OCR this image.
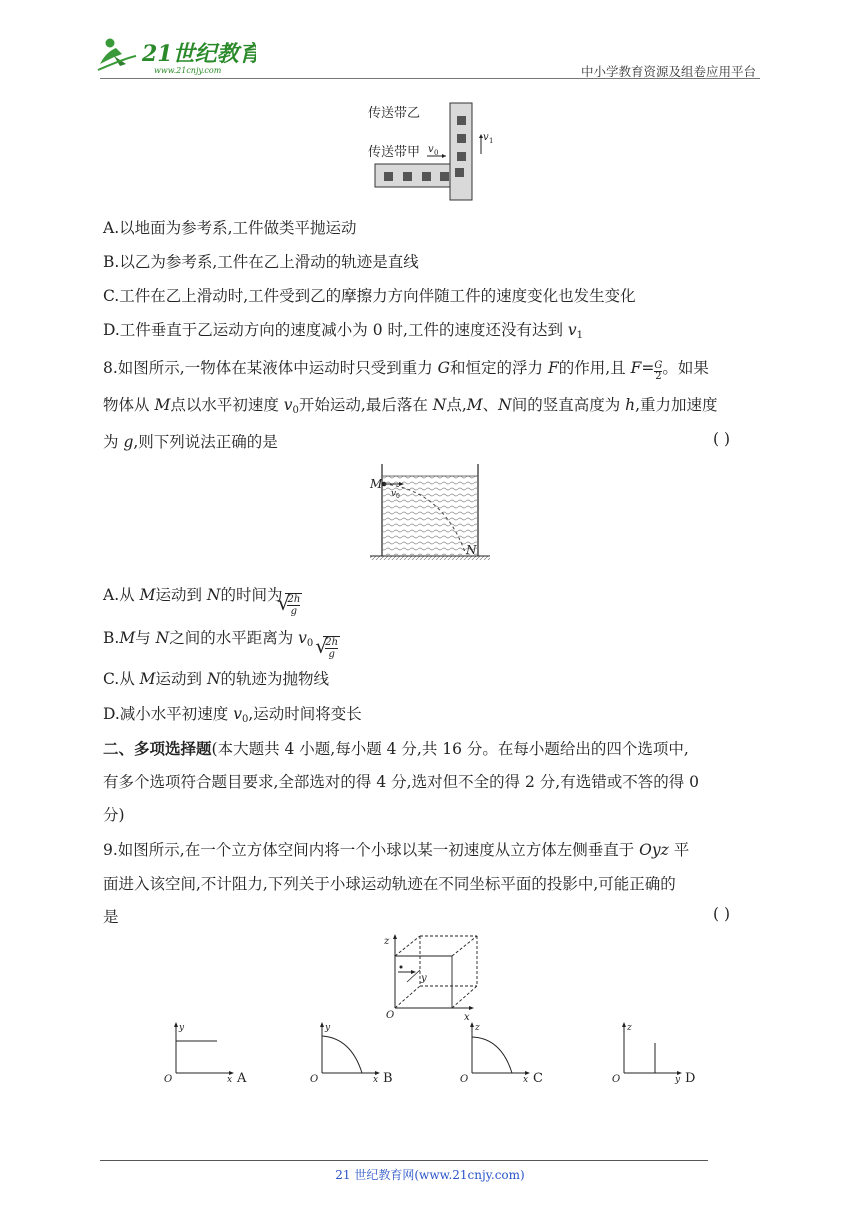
21世纪教育
www.21cnjy.com	中小学教育资源及组卷应用平台
传送带乙
传送带甲 v 0
v 1
A.以地面为参考系,工件做类平抛运动
B.以乙为参考系,工件在乙上滑动的轨迹是直线
C.工件在乙上滑动时,工件受到乙的摩擦力方向伴随工件的速度变化也发生变化
D.工件垂直于乙运动方向的速度减小为 0 时,工件的速度还没有达到 $v_1$
8.如图所示,一物体在某液体中运动时只受到重力 G和恒定的浮力 F的作用,且 $F= \frac{G}{2}$ 。如果
物体从 M点以水平初速度 $v_0$开始运动,最后落在 N点,M、N间的竖直高度为 h,重力加速度
为 g,则下列说法正确的是	( )
M
v 0
N
A.从 M运动到 N的时间为
√
2h
g
B.M与 N之间的水平距离为 $v_0$ √
2h
g
C.从 M运动到 N的轨迹为抛物线
D.减小水平初速度 $v_0$,运动时间将变长
二、多项选择题(本大题共 4 小题,每小题 4 分,共 16 分。在每小题给出的四个选项中,
有多个选项符合题目要求,全部选对的得 4 分,选对但不全的得 2 分,有选错或不答的得 0
分)
9.如图所示,在一个立方体空间内将一个小球以某一初速度从立方体左侧垂直于 Oyz 平
面进入该空间,不计阻力,下列关于小球运动轨迹在不同坐标平面的投影中,可能正确的
是	( )
z
y
x
O
y
x
O	A
y
x
O	B
z
x
O	C
z
y
O	D
21 世纪教育网(www.21cnjy.com)
